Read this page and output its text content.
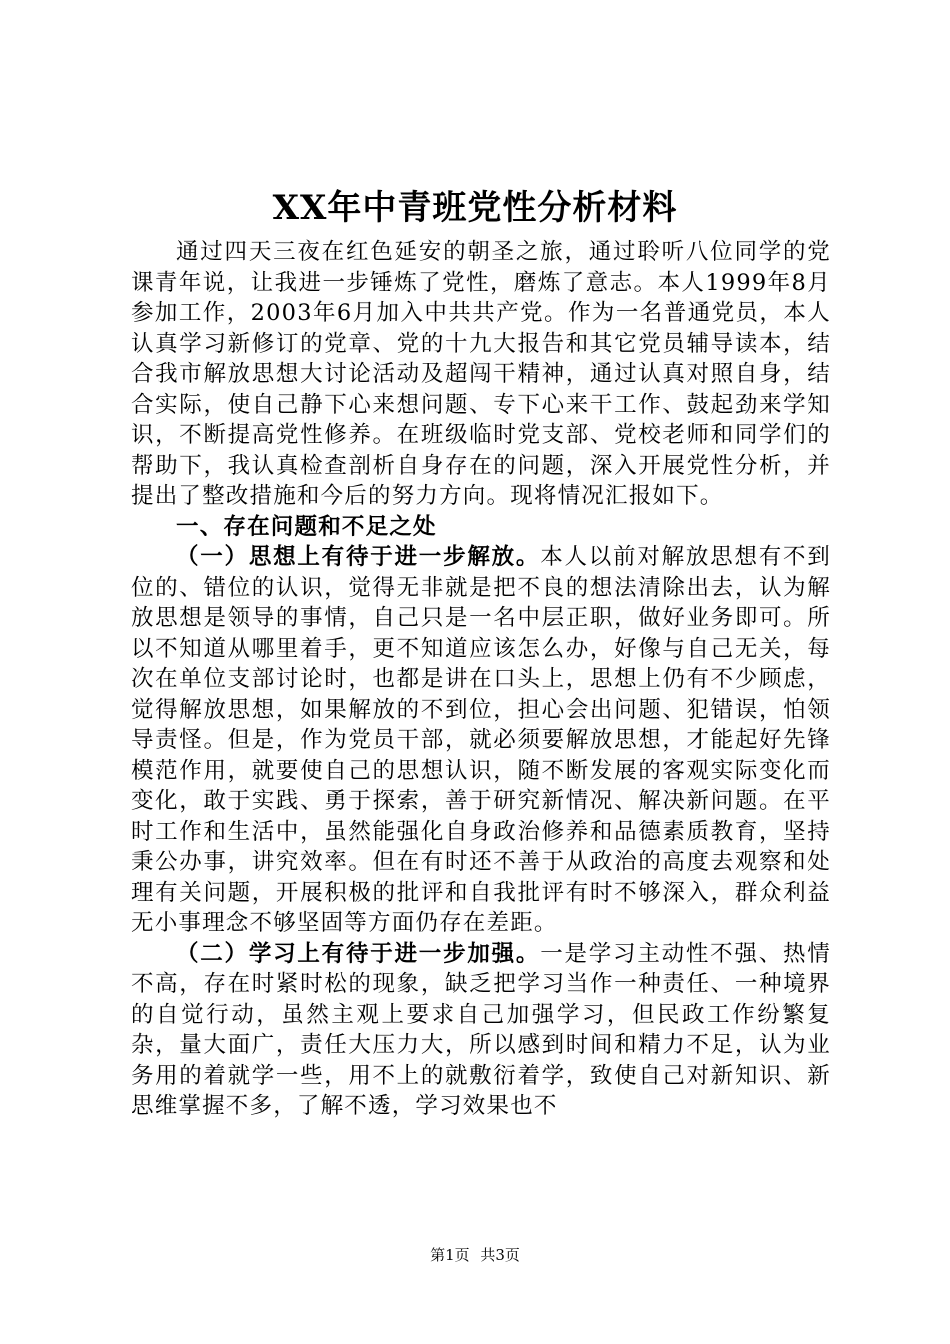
XX年中青班党性分析材料

通过四天三夜在红色延安的朝圣之旅，通过聆听八位同学的党课青年说，让我进一步锤炼了党性，磨炼了意志。本人1999年8月参加工作，2003年6月加入中共共产党。作为一名普通党员，本人认真学习新修订的党章、党的十九大报告和其它党员辅导读本，结合我市解放思想大讨论活动及超闯干精神，通过认真对照自身，结合实际，使自己静下心来想问题、专下心来干工作、鼓起劲来学知识，不断提高党性修养。在班级临时党支部、党校老师和同学们的帮助下，我认真检查剖析自身存在的问题，深入开展党性分析，并提出了整改措施和今后的努力方向。现将情况汇报如下。

一、存在问题和不足之处

（一）思想上有待于进一步解放。本人以前对解放思想有不到位的、错位的认识，觉得无非就是把不良的想法清除出去，认为解放思想是领导的事情，自己只是一名中层正职，做好业务即可。所以不知道从哪里着手，更不知道应该怎么办，好像与自己无关，每次在单位支部讨论时，也都是讲在口头上，思想上仍有不少顾虑，觉得解放思想，如果解放的不到位，担心会出问题、犯错误，怕领导责怪。但是，作为党员干部，就必须要解放思想，才能起好先锋模范作用，就要使自己的思想认识，随不断发展的客观实际变化而变化，敢于实践、勇于探索，善于研究新情况、解决新问题。在平时工作和生活中，虽然能强化自身政治修养和品德素质教育，坚持秉公办事，讲究效率。但在有时还不善于从政治的高度去观察和处理有关问题，开展积极的批评和自我批评有时不够深入，群众利益无小事理念不够坚固等方面仍存在差距。

（二）学习上有待于进一步加强。一是学习主动性不强、热情不高，存在时紧时松的现象，缺乏把学习当作一种责任、一种境界的自觉行动，虽然主观上要求自己加强学习，但民政工作纷繁复杂，量大面广，责任大压力大，所以感到时间和精力不足，认为业务用的着就学一些，用不上的就敷衍着学，致使自己对新知识、新思维掌握不多，了解不透，学习效果也不

第1页 共3页
